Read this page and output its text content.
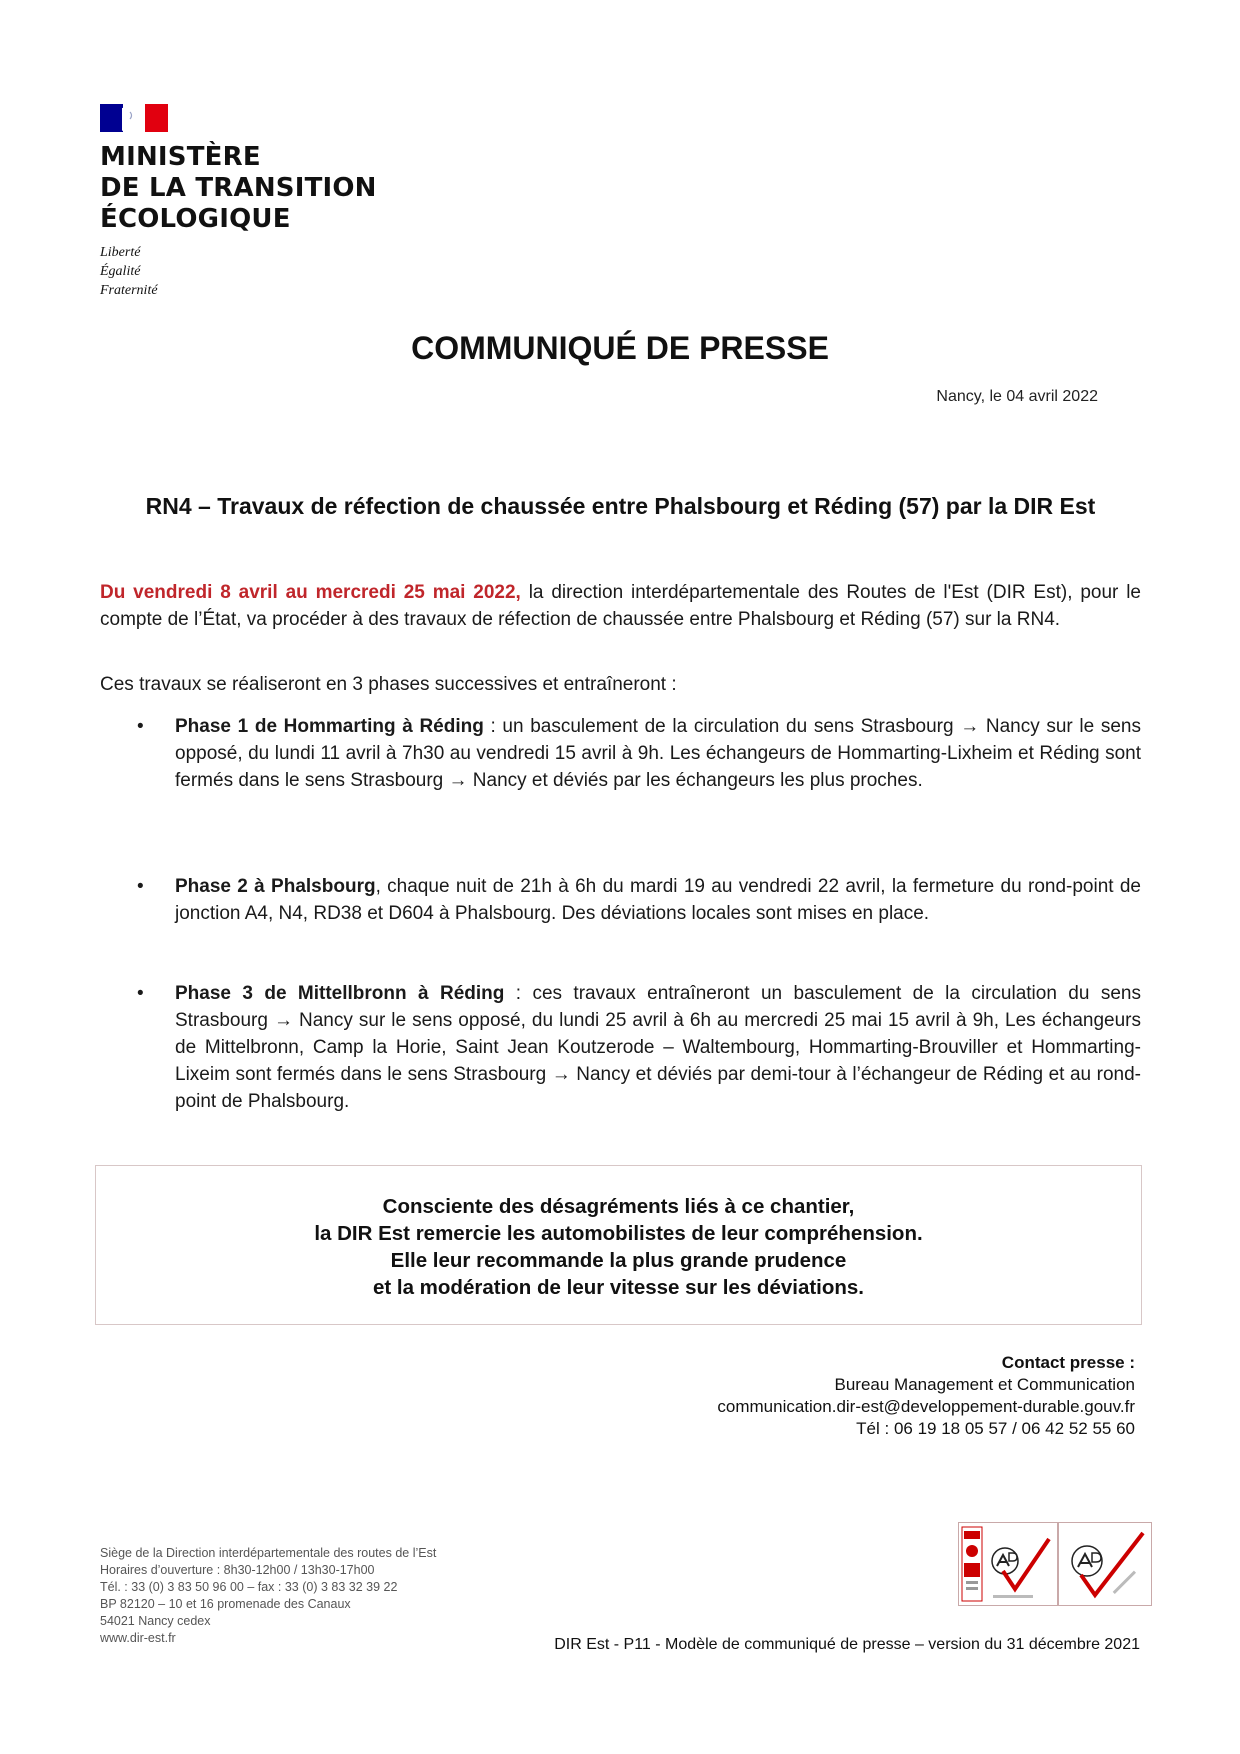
MINISTÈRE
DE LA TRANSITION
ÉCOLOGIQUE
Liberté
Égalité
Fraternité
COMMUNIQUÉ DE PRESSE
Nancy, le 04 avril 2022
RN4 – Travaux de réfection de chaussée entre Phalsbourg et Réding (57) par la DIR Est
Du vendredi 8 avril au mercredi 25 mai 2022, la direction interdépartementale des Routes de l'Est (DIR Est), pour le compte de l’État, va procéder à des travaux de réfection de chaussée entre Phalsbourg et Réding (57) sur la RN4.
Ces travaux se réaliseront en 3 phases successives et entraîneront :
• Phase 1 de Hommarting à Réding : un basculement de la circulation du sens Strasbourg → Nancy sur le sens opposé, du lundi 11 avril à 7h30 au vendredi 15 avril à 9h. Les échangeurs de Hommarting-Lixheim et Réding sont fermés dans le sens Strasbourg → Nancy et déviés par les échangeurs les plus proches.
• Phase 2 à Phalsbourg, chaque nuit de 21h à 6h du mardi 19 au vendredi 22 avril, la fermeture du rond-point de jonction A4, N4, RD38 et D604 à Phalsbourg. Des déviations locales sont mises en place.
• Phase 3 de Mittellbronn à Réding : ces travaux entraîneront un basculement de la circulation du sens Strasbourg → Nancy sur le sens opposé, du lundi 25 avril à 6h au mercredi 25 mai 15 avril à 9h, Les échangeurs de Mittelbronn, Camp la Horie, Saint Jean Koutzerode – Waltembourg, Hommarting-Brouviller et Hommarting-Lixeim sont fermés dans le sens Strasbourg → Nancy et déviés par demi-tour à l’échangeur de Réding et au rond-point de Phalsbourg.

Consciente des désagréments liés à ce chantier,

la DIR Est remercie les automobilistes de leur compréhension.

Elle leur recommande la plus grande prudence

et la modération de leur vitesse sur les déviations.

Contact presse :
Bureau Management et Communication
communication.dir-est@developpement-durable.gouv.fr
Tél : 06 19 18 05 57 / 06 42 52 55 60
Siège de la Direction interdépartementale des routes de l’Est
Horaires d’ouverture : 8h30-12h00 / 13h30-17h00
Tél. : 33 (0) 3 83 50 96 00 – fax : 33 (0) 3 83 32 39 22
BP 82120 – 10 et 16 promenade des Canaux
54021 Nancy cedex
www.dir-est.fr	DIR Est - P11 - Modèle de communiqué de presse – version du 31 décembre 2021
